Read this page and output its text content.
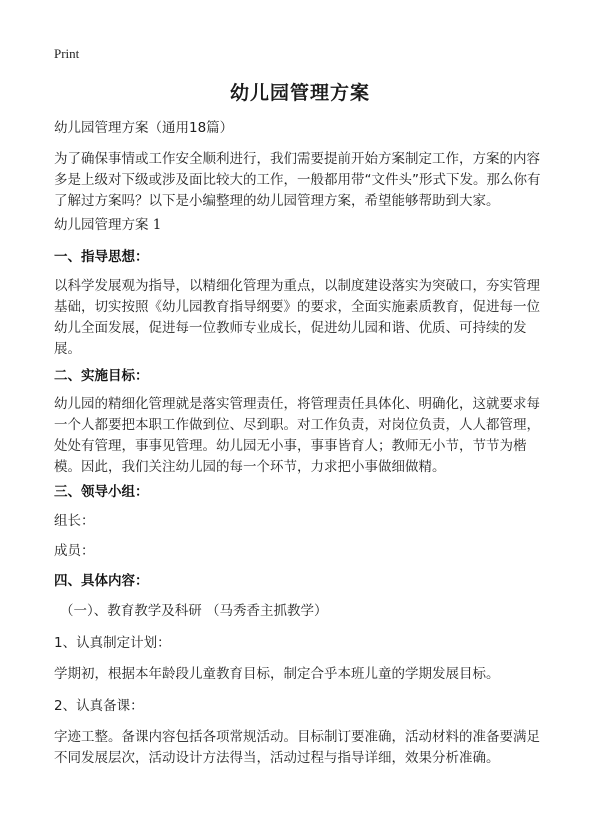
Print
幼儿园管理方案

幼儿园管理方案（通用18篇）

为了确保事情或工作安全顺利进行，我们需要提前开始方案制定工作，方案的内容多是上级对下级或涉及面比较大的工作，一般都用带“文件头”形式下发。那么你有了解过方案吗？以下是小编整理的幼儿园管理方案，希望能够帮助到大家。

幼儿园管理方案 1

一、指导思想：

以科学发展观为指导，以精细化管理为重点，以制度建设落实为突破口，夯实管理基础，切实按照《幼儿园教育指导纲要》的要求，全面实施素质教育，促进每一位幼儿全面发展，促进每一位教师专业成长，促进幼儿园和谐、优质、可持续的发展。

二、实施目标：

幼儿园的精细化管理就是落实管理责任，将管理责任具体化、明确化，这就要求每一个人都要把本职工作做到位、尽到职。对工作负责，对岗位负责，人人都管理，处处有管理，事事见管理。幼儿园无小事，事事皆育人；教师无小节，节节为楷模。因此，我们关注幼儿园的每一个环节，力求把小事做细做精。

三、领导小组：

组长：

成员：

四、具体内容：

（一）、教育教学及科研 （马秀香主抓教学）

1、认真制定计划：

学期初，根据本年龄段儿童教育目标，制定合乎本班儿童的学期发展目标。

2、认真备课：

字迹工整。备课内容包括各项常规活动。目标制订要准确，活动材料的准备要满足不同发展层次，活动设计方法得当，活动过程与指导详细，效果分析准确。
